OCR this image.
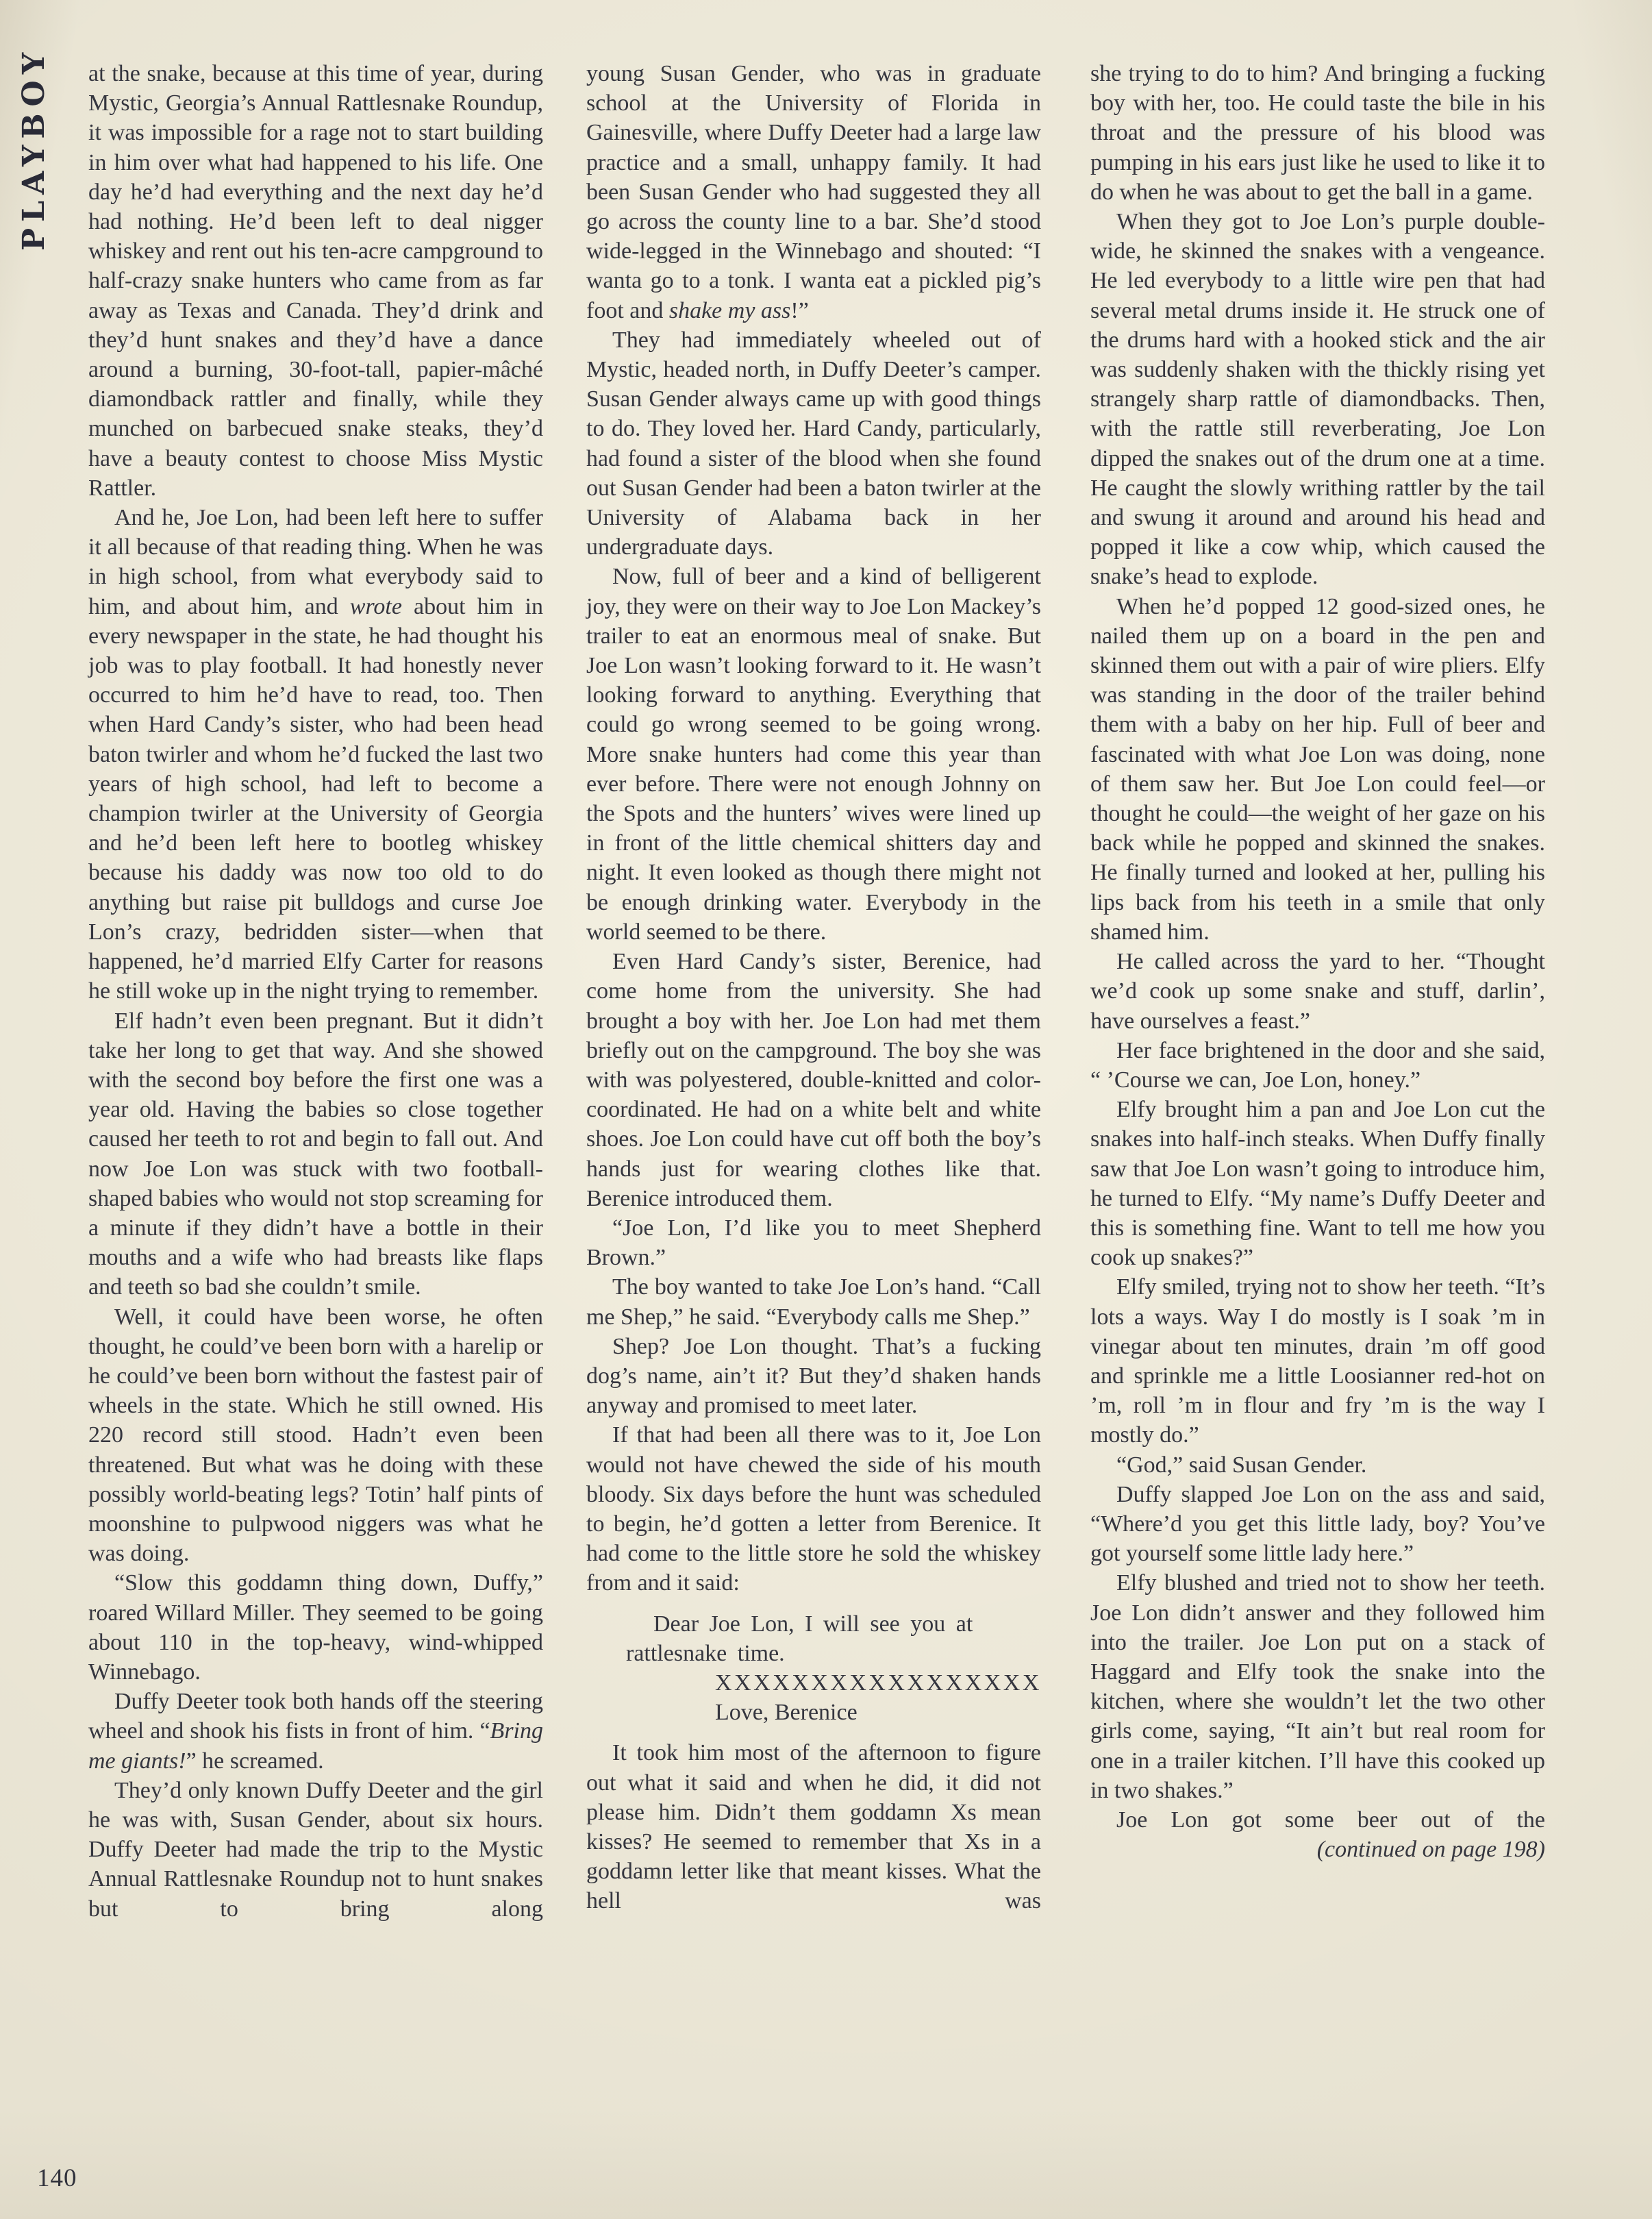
PLAYBOY at the snake, because at this time of year, during Mystic, Georgia’s Annual Rattlesnake Roundup, it was impossible for a rage not to start building in him over what had happened to his life. One day he’d had everything and the next day he’d had nothing. He’d been left to deal nigger whiskey and rent out his ten-acre campground to half-crazy snake hunters who came from as far away as Texas and Canada. They’d drink and they’d hunt snakes and they’d have a dance around a burning, 30-foot-tall, papier-mâché diamondback rattler and finally, while they munched on barbecued snake steaks, they’d have a beauty contest to choose Miss Mystic Rattler.

And he, Joe Lon, had been left here to suffer it all because of that reading thing. When he was in high school, from what everybody said to him, and about him, and wrote about him in every newspaper in the state, he had thought his job was to play football. It had honestly never occurred to him he’d have to read, too. Then when Hard Candy’s sister, who had been head baton twirler and whom he’d fucked the last two years of high school, had left to become a champion twirler at the University of Georgia and he’d been left here to bootleg whiskey because his daddy was now too old to do anything but raise pit bulldogs and curse Joe Lon’s crazy, bedridden sister—when that happened, he’d married Elfy Carter for reasons he still woke up in the night trying to remember.

Elf hadn’t even been pregnant. But it didn’t take her long to get that way. And she showed with the second boy before the first one was a year old. Having the babies so close together caused her teeth to rot and begin to fall out. And now Joe Lon was stuck with two football-shaped babies who would not stop screaming for a minute if they didn’t have a bottle in their mouths and a wife who had breasts like flaps and teeth so bad she couldn’t smile.

Well, it could have been worse, he often thought, he could’ve been born with a harelip or he could’ve been born without the fastest pair of wheels in the state. Which he still owned. His 220 record still stood. Hadn’t even been threatened. But what was he doing with these possibly world-beating legs? Totin’ half pints of moonshine to pulpwood niggers was what he was doing.

“Slow this goddamn thing down, Duffy,” roared Willard Miller. They seemed to be going about 110 in the top-heavy, wind-whipped Winnebago.

Duffy Deeter took both hands off the steering wheel and shook his fists in front of him. “Bring me giants!” he screamed.

They’d only known Duffy Deeter and the girl he was with, Susan Gender, about six hours. Duffy Deeter had made the trip to the Mystic Annual Rattlesnake Roundup not to hunt snakes but to bring along

young Susan Gender, who was in graduate school at the University of Florida in Gainesville, where Duffy Deeter had a large law practice and a small, unhappy family. It had been Susan Gender who had suggested they all go across the county line to a bar. She’d stood wide-legged in the Winnebago and shouted: “I wanta go to a tonk. I wanta eat a pickled pig’s foot and shake my ass!”

They had immediately wheeled out of Mystic, headed north, in Duffy Deeter’s camper. Susan Gender always came up with good things to do. They loved her. Hard Candy, particularly, had found a sister of the blood when she found out Susan Gender had been a baton twirler at the University of Alabama back in her undergraduate days.

Now, full of beer and a kind of belligerent joy, they were on their way to Joe Lon Mackey’s trailer to eat an enormous meal of snake. But Joe Lon wasn’t looking forward to it. He wasn’t looking forward to anything. Everything that could go wrong seemed to be going wrong. More snake hunters had come this year than ever before. There were not enough Johnny on the Spots and the hunters’ wives were lined up in front of the little chemical shitters day and night. It even looked as though there might not be enough drinking water. Everybody in the world seemed to be there.

Even Hard Candy’s sister, Berenice, had come home from the university. She had brought a boy with her. Joe Lon had met them briefly out on the campground. The boy she was with was polyestered, double-knitted and color-coordinated. He had on a white belt and white shoes. Joe Lon could have cut off both the boy’s hands just for wearing clothes like that. Berenice introduced them.

“Joe Lon, I’d like you to meet Shepherd Brown.”

The boy wanted to take Joe Lon’s hand. “Call me Shep,” he said. “Everybody calls me Shep.”

Shep? Joe Lon thought. That’s a fucking dog’s name, ain’t it? But they’d shaken hands anyway and promised to meet later.

If that had been all there was to it, Joe Lon would not have chewed the side of his mouth bloody. Six days before the hunt was scheduled to begin, he’d gotten a letter from Berenice. It had come to the little store he sold the whiskey from and it said:

Dear Joe Lon, I will see you at
rattlesnake time.
XXXXXXXXXXXXXXXXX
Love, Berenice

It took him most of the afternoon to figure out what it said and when he did, it did not please him. Didn’t them goddamn Xs mean kisses? He seemed to remember that Xs in a goddamn letter like that meant kisses. What the hell was

she trying to do to him? And bringing a fucking boy with her, too. He could taste the bile in his throat and the pressure of his blood was pumping in his ears just like he used to like it to do when he was about to get the ball in a game.

When they got to Joe Lon’s purple double-wide, he skinned the snakes with a vengeance. He led everybody to a little wire pen that had several metal drums inside it. He struck one of the drums hard with a hooked stick and the air was suddenly shaken with the thickly rising yet strangely sharp rattle of diamondbacks. Then, with the rattle still reverberating, Joe Lon dipped the snakes out of the drum one at a time. He caught the slowly writhing rattler by the tail and swung it around and around his head and popped it like a cow whip, which caused the snake’s head to explode.

When he’d popped 12 good-sized ones, he nailed them up on a board in the pen and skinned them out with a pair of wire pliers. Elfy was standing in the door of the trailer behind them with a baby on her hip. Full of beer and fascinated with what Joe Lon was doing, none of them saw her. But Joe Lon could feel—or thought he could—the weight of her gaze on his back while he popped and skinned the snakes. He finally turned and looked at her, pulling his lips back from his teeth in a smile that only shamed him.

He called across the yard to her. “Thought we’d cook up some snake and stuff, darlin’, have ourselves a feast.”

Her face brightened in the door and she said, “ ’Course we can, Joe Lon, honey.”

Elfy brought him a pan and Joe Lon cut the snakes into half-inch steaks. When Duffy finally saw that Joe Lon wasn’t going to introduce him, he turned to Elfy. “My name’s Duffy Deeter and this is something fine. Want to tell me how you cook up snakes?”

Elfy smiled, trying not to show her teeth. “It’s lots a ways. Way I do mostly is I soak ’m in vinegar about ten minutes, drain ’m off good and sprinkle me a little Loosianner red-hot on ’m, roll ’m in flour and fry ’m is the way I mostly do.”

“God,” said Susan Gender.

Duffy slapped Joe Lon on the ass and said, “Where’d you get this little lady, boy? You’ve got yourself some little lady here.”

Elfy blushed and tried not to show her teeth. Joe Lon didn’t answer and they followed him into the trailer. Joe Lon put on a stack of Haggard and Elfy took the snake into the kitchen, where she wouldn’t let the two other girls come, saying, “It ain’t but real room for one in a trailer kitchen. I’ll have this cooked up in two shakes.”

Joe Lon got some beer out of the

(continued on page 198)

140
